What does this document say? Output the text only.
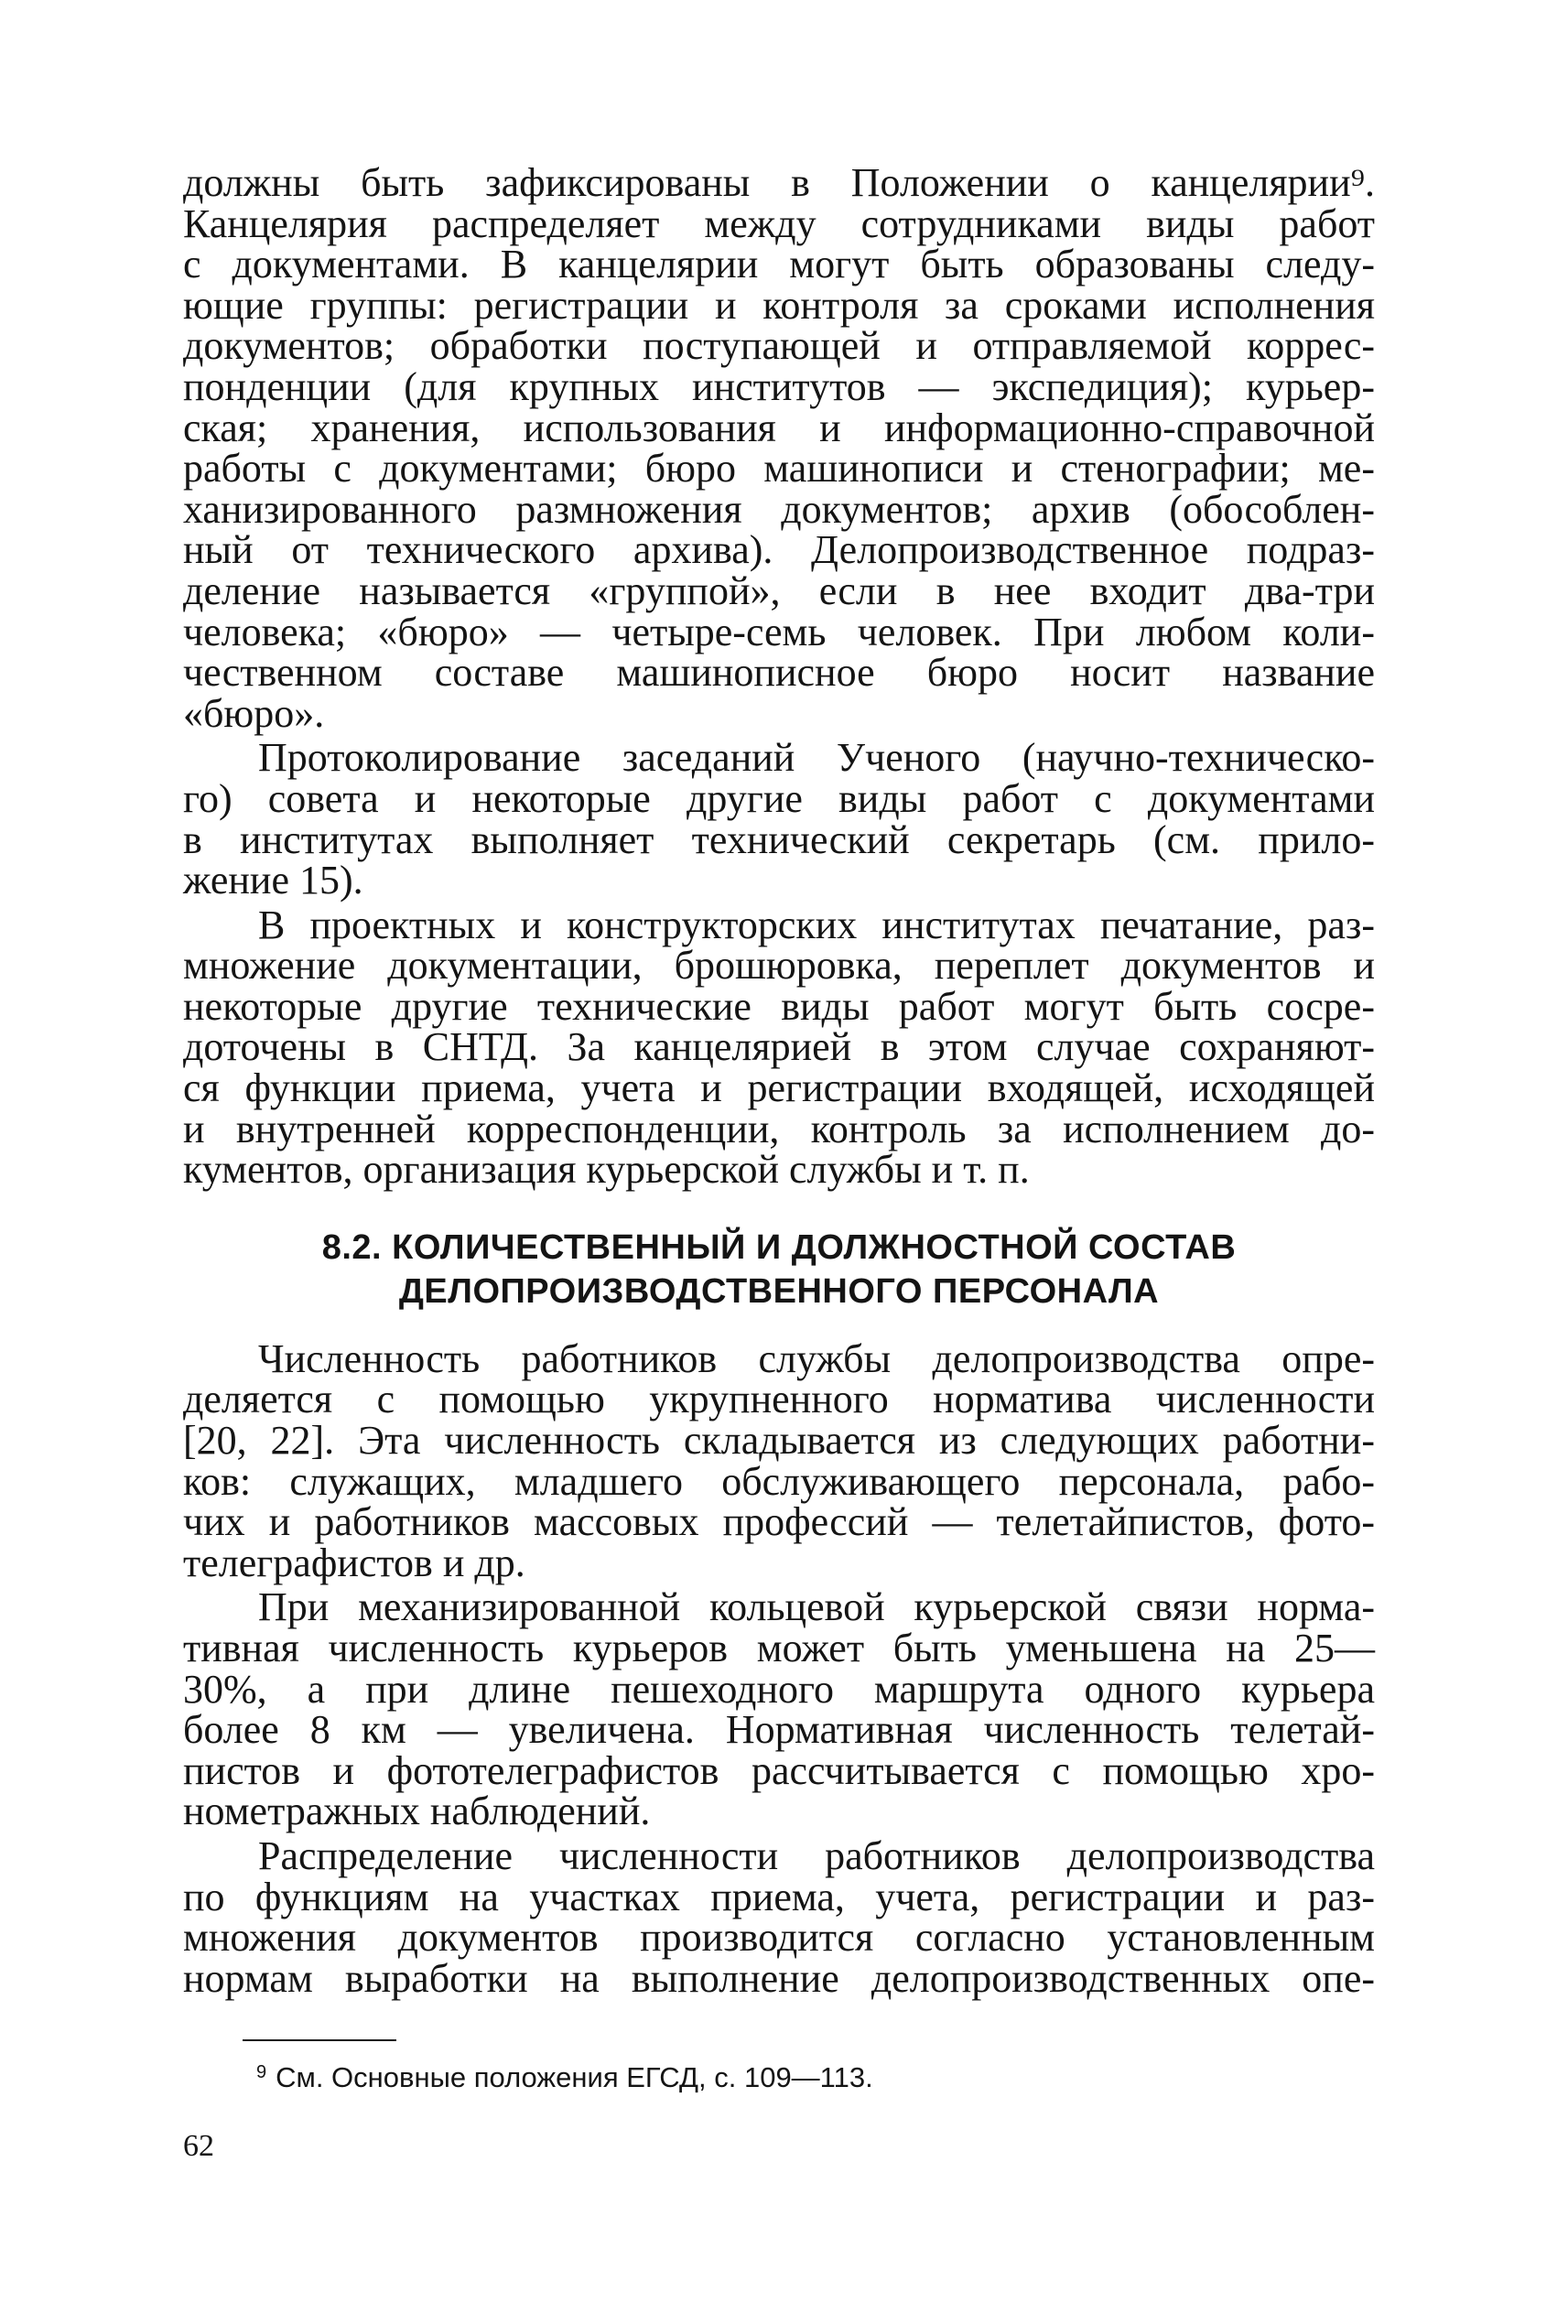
должны быть зафиксированы в Положении о канцелярии⁹.
Канцелярия распределяет между сотрудниками виды работ
с документами. В канцелярии могут быть образованы следу-
ющие группы: регистрации и контроля за сроками исполнения
документов; обработки поступающей и отправляемой коррес-
понденции (для крупных институтов — экспедиция); курьер-
ская; хранения, использования и информационно-справочной
работы с документами; бюро машинописи и стенографии; ме-
ханизированного размножения документов; архив (обособлен-
ный от технического архива). Делопроизводственное подраз-
деление называется «группой», если в нее входит два-три
человека; «бюро» — четыре-семь человек. При любом коли-
чественном составе машинописное бюро носит название
«бюро».
Протоколирование заседаний Ученого (научно-техническо-
го) совета и некоторые другие виды работ с документами
в институтах выполняет технический секретарь (см. прило-
жение 15).
В проектных и конструкторских институтах печатание, раз-
множение документации, брошюровка, переплет документов и
некоторые другие технические виды работ могут быть сосре-
доточены в СНТД. За канцелярией в этом случае сохраняют-
ся функции приема, учета и регистрации входящей, исходящей
и внутренней корреспонденции, контроль за исполнением до-
кументов, организация курьерской службы и т. п.
8.2. КОЛИЧЕСТВЕННЫЙ И ДОЛЖНОСТНОЙ СОСТАВ
ДЕЛОПРОИЗВОДСТВЕННОГО ПЕРСОНАЛА
Численность работников службы делопроизводства опре-
деляется с помощью укрупненного норматива численности
[20, 22]. Эта численность складывается из следующих работни-
ков: служащих, младшего обслуживающего персонала, рабо-
чих и работников массовых профессий — телетайпистов, фото-
телеграфистов и др.
При механизированной кольцевой курьерской связи норма-
тивная численность курьеров может быть уменьшена на 25—
30%, а при длине пешеходного маршрута одного курьера
более 8 км — увеличена. Нормативная численность телетай-
пистов и фототелеграфистов рассчитывается с помощью хро-
нометражных наблюдений.
Распределение численности работников делопроизводства
по функциям на участках приема, учета, регистрации и раз-
множения документов производится согласно установленным
нормам выработки на выполнение делопроизводственных опе-
$^9$ См. Основные положения ЕГСД, с. 109—113.
62
